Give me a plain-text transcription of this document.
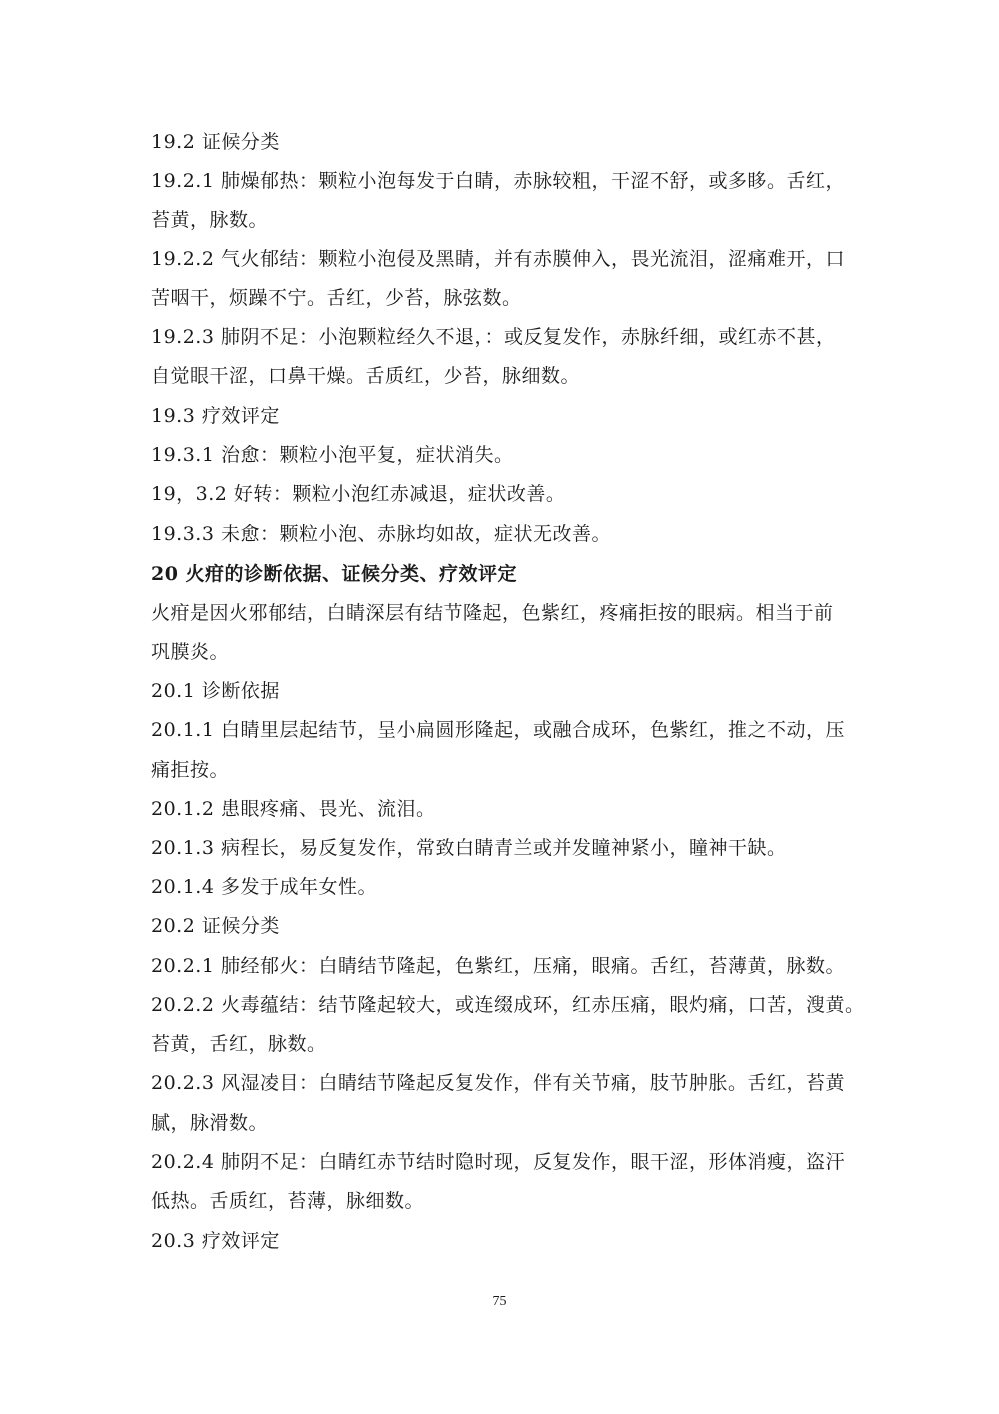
19.2 证候分类
19.2.1 肺燥郁热：颗粒小泡每发于白睛，赤脉较粗，干涩不舒，或多眵。舌红，
苔黄，脉数。
19.2.2 气火郁结：颗粒小泡侵及黑睛，并有赤膜伸入，畏光流泪，涩痛难开，口
苦咽干，烦躁不宁。舌红，少苔，脉弦数。
19.2.3 肺阴不足：小泡颗粒经久不退，：或反复发作，赤脉纤细，或红赤不甚，
自觉眼干涩，口鼻干燥。舌质红，少苔，脉细数。
19.3 疗效评定
19.3.1 治愈：颗粒小泡平复，症状消失。
19，3.2 好转：颗粒小泡红赤减退，症状改善。
19.3.3 未愈：颗粒小泡、赤脉均如故，症状无改善。
20 火疳的诊断依据、证候分类、疗效评定
火疳是因火邪郁结，白睛深层有结节隆起，色紫红，疼痛拒按的眼病。相当于前
巩膜炎。
20.1 诊断依据
20.1.1 白睛里层起结节，呈小扁圆形隆起，或融合成环，色紫红，推之不动，压
痛拒按。
20.1.2 患眼疼痛、畏光、流泪。
20.1.3 病程长，易反复发作，常致白睛青兰或并发瞳神紧小，瞳神干缺。
20.1.4 多发于成年女性。
20.2 证候分类
20.2.1 肺经郁火：白睛结节隆起，色紫红，压痛，眼痛。舌红，苔薄黄，脉数。
20.2.2 火毒蕴结：结节隆起较大，或连缀成环，红赤压痛，眼灼痛，口苦，溲黄。
苔黄，舌红，脉数。
20.2.3 风湿凌目：白睛结节隆起反复发作，伴有关节痛，肢节肿胀。舌红，苔黄
腻，脉滑数。
20.2.4 肺阴不足：白睛红赤节结时隐时现，反复发作，眼干涩，形体消瘦，盗汗
低热。舌质红，苔薄，脉细数。
20.3 疗效评定
75
